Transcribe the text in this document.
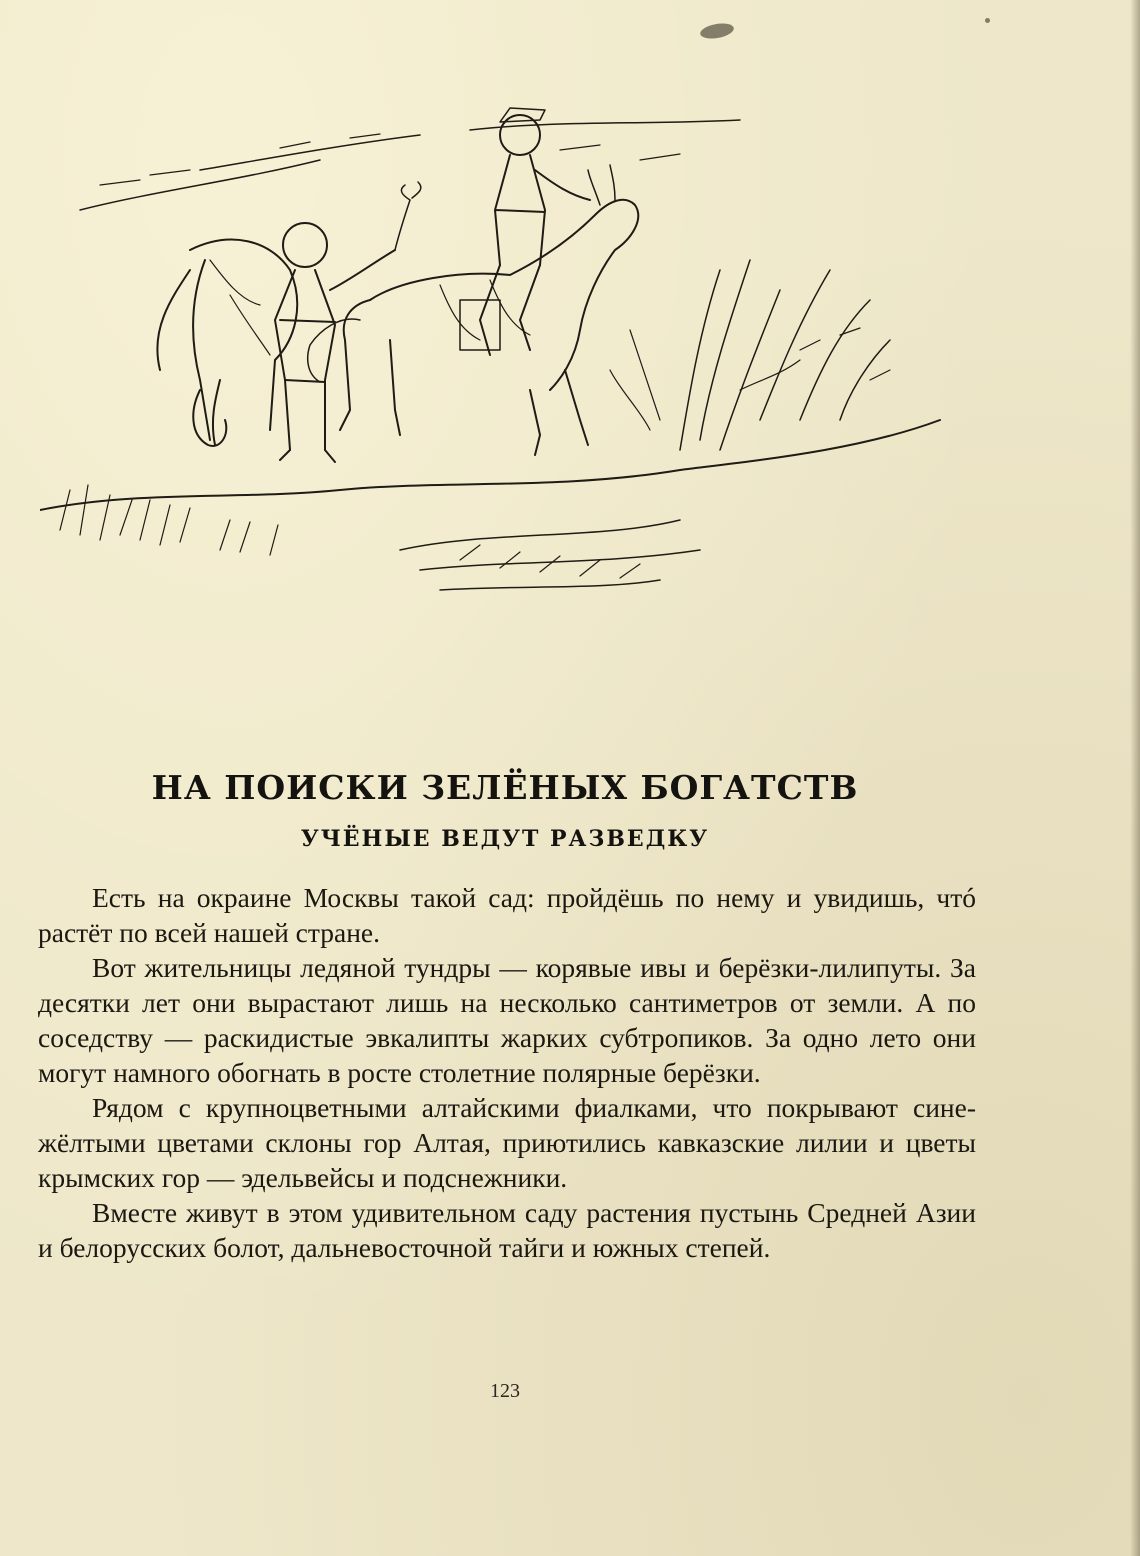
НА ПОИСКИ ЗЕЛЁНЫХ БОГАТСТВ
УЧЁНЫЕ ВЕДУТ РАЗВЕДКУ

Есть на окраине Москвы такой сад: пройдёшь по нему и увидишь, чтó растёт по всей нашей стране.

Вот жительницы ледяной тундры — корявые ивы и берёзки-лилипуты. За десятки лет они вырастают лишь на несколько сантиметров от земли. А по соседству — раскидистые эвкалипты жарких субтропиков. За одно лето они могут намного обогнать в росте столетние полярные берёзки.

Рядом с крупноцветными алтайскими фиалками, что покрывают сине-жёлтыми цветами склоны гор Алтая, приютились кавказские лилии и цветы крымских гор — эдельвейсы и подснежники.

Вместе живут в этом удивительном саду растения пустынь Средней Азии и белорусских болот, дальневосточной тайги и южных степей.

123
